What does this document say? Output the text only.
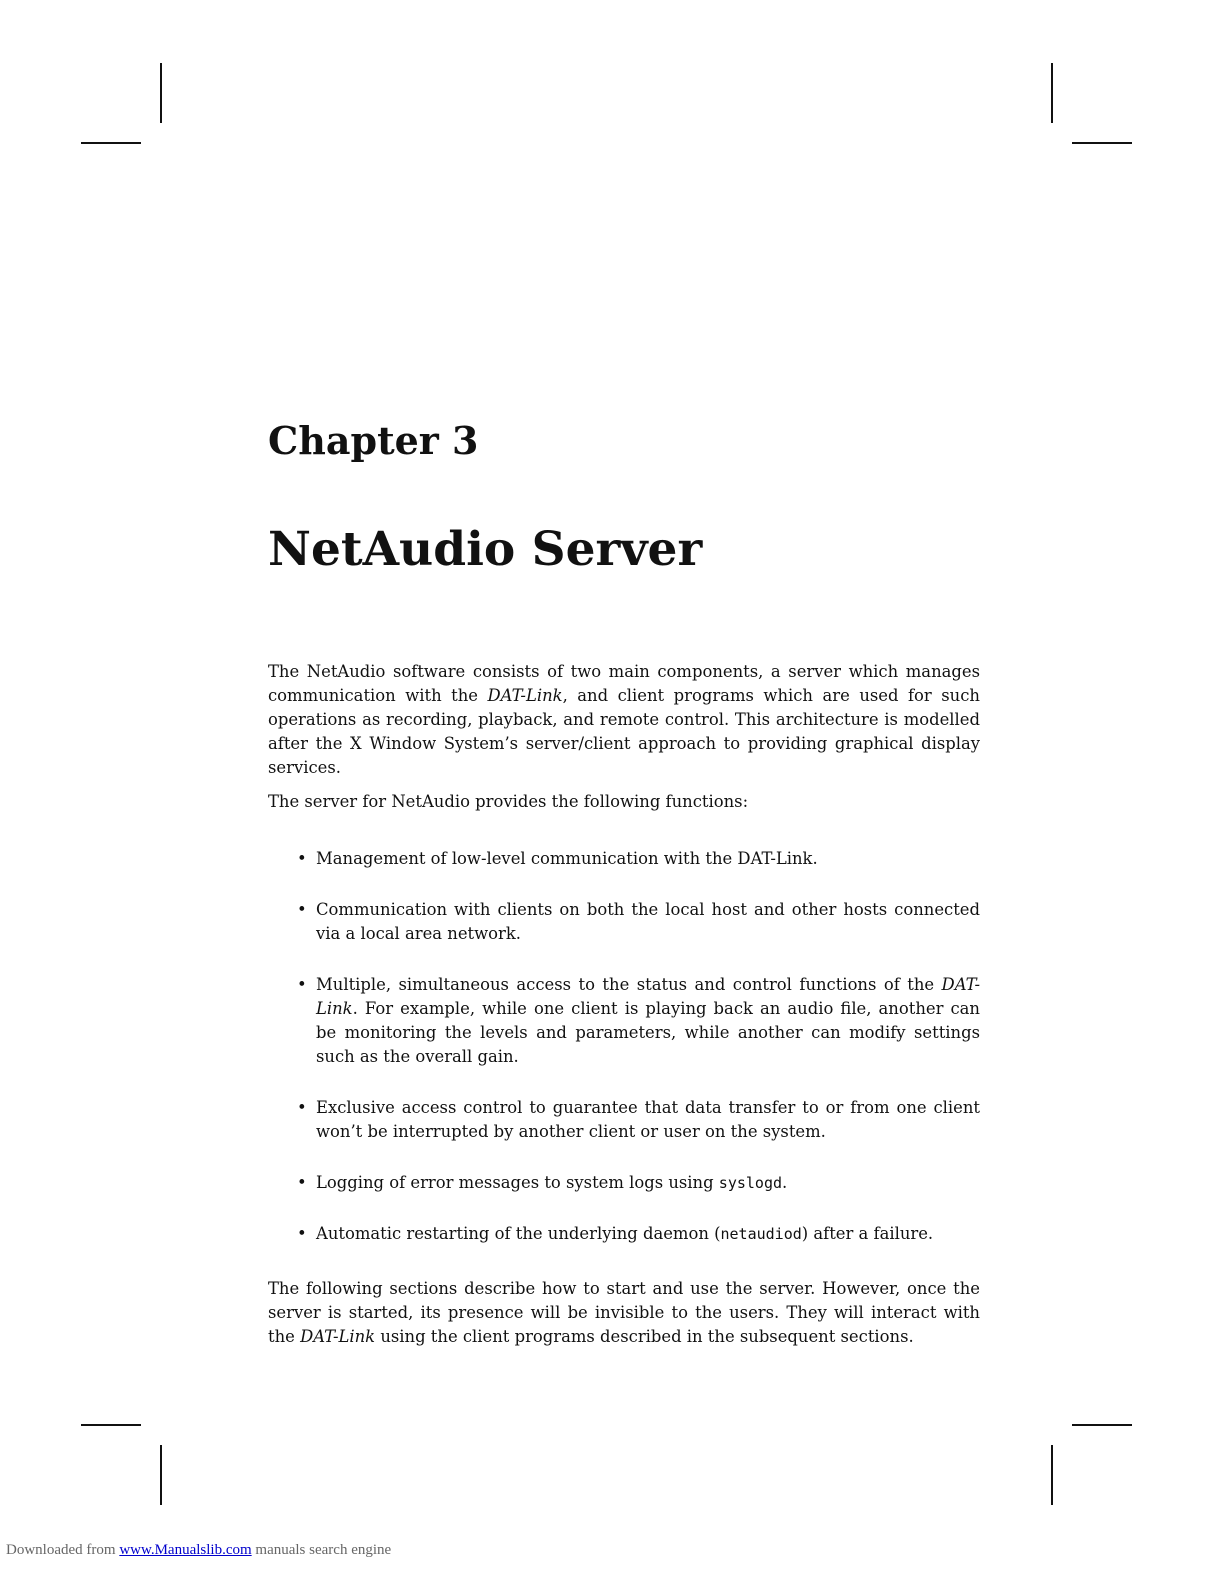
Chapter 3
NetAudio Server

The NetAudio software consists of two main components, a server which manages communication with the DAT-Link, and client programs which are used for such operations as recording, playback, and remote control. This architecture is modelled after the X Window System’s server/client approach to providing graphical display services.

The server for NetAudio provides the following functions:

• Management of low-level communication with the DAT-Link.
• Communication with clients on both the local host and other hosts connected via a local area network.
• Multiple, simultaneous access to the status and control functions of the DAT-Link. For example, while one client is playing back an audio file, another can be monitoring the levels and parameters, while another can modify settings such as the overall gain.
• Exclusive access control to guarantee that data transfer to or from one client won’t be interrupted by another client or user on the system.
• Logging of error messages to system logs using syslogd.
• Automatic restarting of the underlying daemon (netaudiod) after a failure.

The following sections describe how to start and use the server. However, once the server is started, its presence will be invisible to the users. They will interact with the DAT-Link using the client programs described in the subsequent sections.

Downloaded from www.Manualslib.com manuals search engine
